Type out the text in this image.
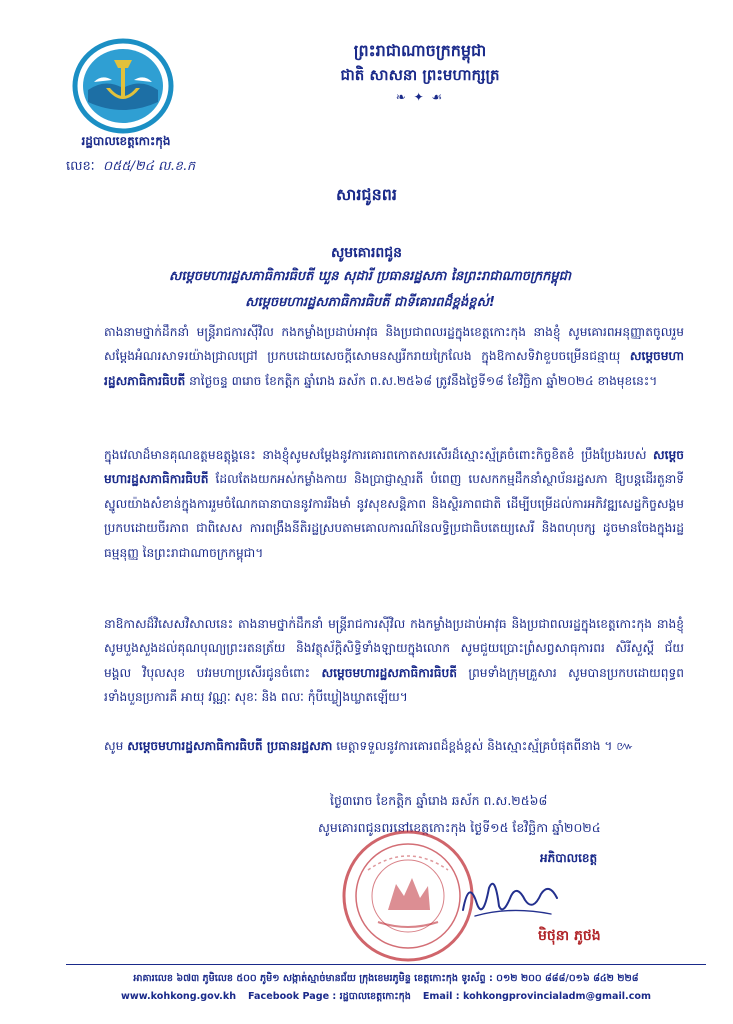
រដ្ឋបាលខេត្តកោះកុង
លេខៈ ០៥៥/២៤ ល.ខ.ក
ព្រះរាជាណាចក្រកម្ពុជា
ជាតិ សាសនា ព្រះមហាក្សត្រ
❧ ✦ ☙
សារជូនពរ
សូមគោរពជូន
សម្ដេចមហារដ្ឋសភាធិការធិបតី ឃួន សុដារី ប្រធានរដ្ឋសភា នៃព្រះរាជាណាចក្រកម្ពុជា
សម្ដេចមហារដ្ឋសភាធិការធិបតី ជាទីគោរពដ៏ខ្ពង់ខ្ពស់!
តាងនាមថ្នាក់ដឹកនាំ មន្ត្រីរាជការស៊ីវិល កងកម្លាំងប្រដាប់អាវុធ និងប្រជាពលរដ្ឋក្នុងខេត្តកោះកុង នាងខ្ញុំ សូមគោរពអនុញ្ញាតចូលរួមសម្ដែងអំណរសាទរយ៉ាងជ្រាលជ្រៅ ប្រកបដោយសេចក្ដីសោមនស្សរីករាយក្រៃលែង ក្នុងឱកាសទិវាខួបចម្រើនជន្មាយុ សម្ដេចមហារដ្ឋសភាធិការធិបតី នាថ្ងៃចន្ទ ៣រោច ខែកត្ដិក ឆ្នាំរោង ឆស័ក ព.ស.២៥៦៨ ត្រូវនឹងថ្ងៃទី១៨ ខែវិច្ឆិកា ឆ្នាំ២០២៤ ខាងមុខនេះ។
ក្នុងវេលាដ៏មានគុណឧត្ដមឧត្ដុង្គនេះ នាងខ្ញុំសូមសម្ដែងនូវការគោរពកោតសរសើរដ៏ស្មោះស្ម័គ្រចំពោះកិច្ចខិតខំ ប្រឹងប្រែងរបស់ សម្ដេចមហារដ្ឋសភាធិការធិបតី ដែលតែងយកអស់កម្លាំងកាយ និងប្រាជ្ញាស្មារតី បំពេញ បេសកកម្មដឹកនាំស្ថាប័នរដ្ឋសភា ឱ្យបន្តដើរតួនាទីស្នូលយ៉ាងសំខាន់ក្នុងការរួមចំណែកធានាបាននូវការរឹងមាំ នូវសុខសន្តិភាព និងស្ថិរភាពជាតិ ដើម្បីបម្រើដល់ការអភិវឌ្ឍសេដ្ឋកិច្ចសង្គមប្រកបដោយចីរភាព ជាពិសេស ការពង្រឹងនីតិរដ្ឋស្របតាមគោលការណ៍នៃលទ្ធិប្រជាធិបតេយ្យសេរី និងពហុបក្ស ដូចមានចែងក្នុងរដ្ឋធម្មនុញ្ញ នៃព្រះរាជាណាចក្រកម្ពុជា។
នាឱកាសដ៏វិសេសវិសាលនេះ តាងនាមថ្នាក់ដឹកនាំ មន្ត្រីរាជការស៊ីវិល កងកម្លាំងប្រដាប់អាវុធ និងប្រជាពលរដ្ឋក្នុងខេត្តកោះកុង នាងខ្ញុំសូមបួងសួងដល់គុណបុណ្យព្រះរតនត្រ័យ និងវត្ថុស័ក្ដិសិទ្ធិទាំងឡាយក្នុងលោក សូមជួយប្រោះព្រំសព្វសាធុការពរ សិរីសួស្ដី ជ័យមង្គល វិបុលសុខ បវរមហាប្រសើរជូនចំពោះ សម្ដេចមហារដ្ឋសភាធិការធិបតី ព្រមទាំងក្រុមគ្រួសារ សូមបានប្រកបដោយពុទ្ធពរទាំងបួនប្រការគឺ អាយុ វណ្ណៈ សុខៈ និង ពលៈ កុំបីឃ្លៀងឃ្លាតឡើយ។
សូម សម្ដេចមហារដ្ឋសភាធិការធិបតី ប្រធានរដ្ឋសភា មេត្តាទទួលនូវការគោរពដ៏ខ្ពង់ខ្ពស់ និងស្មោះស្ម័គ្របំផុតពីនាង ។ ៚
ថ្ងៃ៣រោច ខែកត្ដិក ឆ្នាំរោង ឆស័ក ព.ស.២៥៦៨
សូមគោរពជូនពរនៅខេត្តកោះកុង ថ្ងៃទី១៥ ខែវិច្ឆិកា ឆ្នាំ២០២៤
អភិបាលខេត្ត
មិថុនា ភូថង
អាគារលេខ ៦៧៣ ភូមិលេខ ៥០០ ភូមិ១ សង្កាត់ស្មាច់មានជ័យ ក្រុងខេមរភូមិន្ទ ខេត្តកោះកុង ទូរស័ព្ទ : ០១២ ២០០ ៨៨៨/០១៦ ៨៤២ ២២៨
www.kohkong.gov.kh Facebook Page : រដ្ឋបាលខេត្តកោះកុង Email : kohkongprovincialadm@gmail.com
